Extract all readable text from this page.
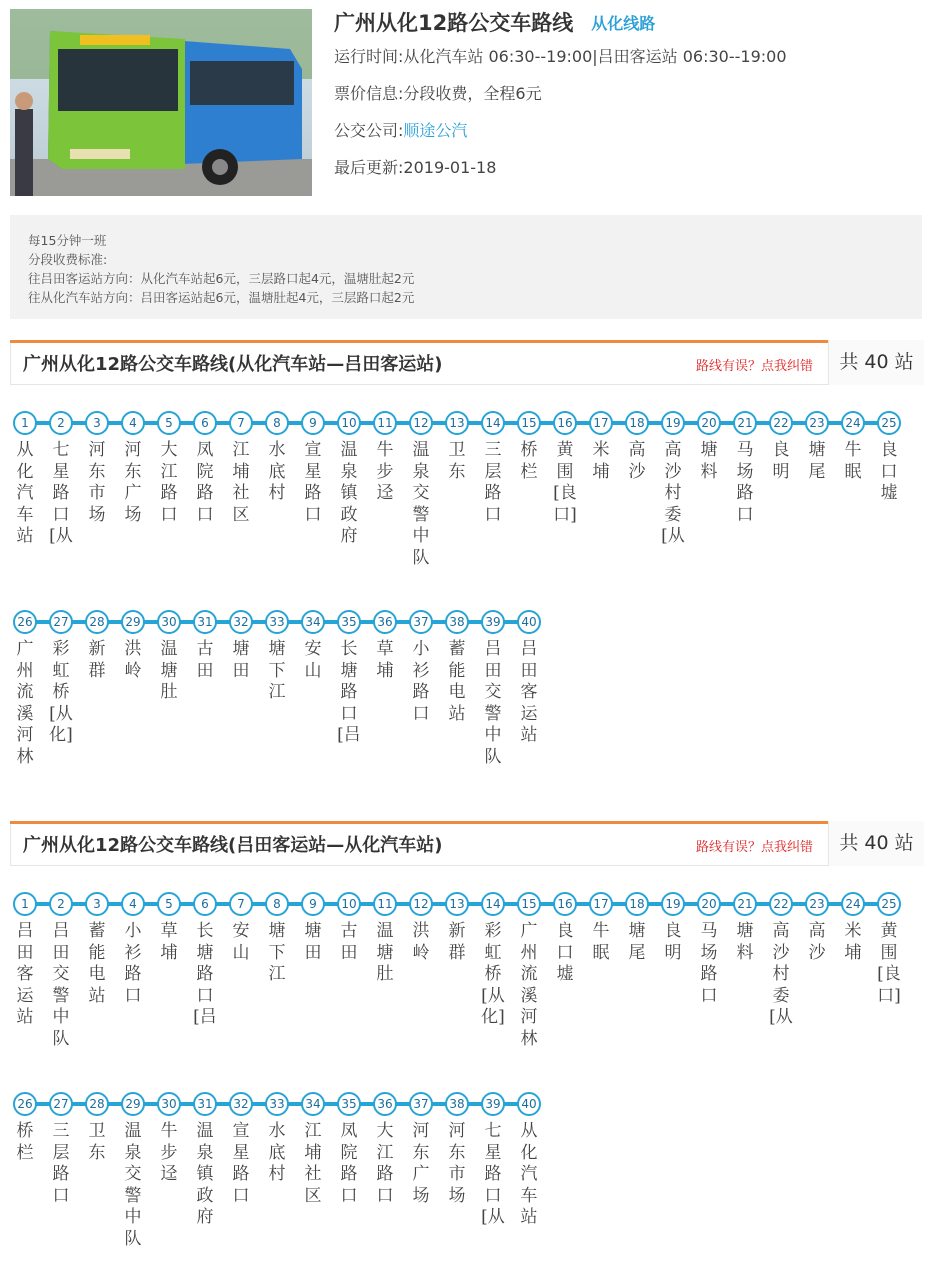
广州从化12路公交车路线 从化线路
运行时间:从化汽车站 06:30--19:00|吕田客运站 06:30--19:00
票价信息:分段收费，全程6元
公交公司:顺途公汽
最后更新:2019-01-18
每15分钟一班
分段收费标准:
往吕田客运站方向：从化汽车站起6元，三层路口起4元，温塘肚起2元
往从化汽车站方向：吕田客运站起6元，温塘肚起4元，三层路口起2元
广州从化12路公交车路线(从化汽车站—吕田客运站)	路线有误？点我纠错	共 40 站
1
从化汽车站
2
七星路口[从
3
河东市场
4
河东广场
5
大江路口
6
凤院路口
7
江埔社区
8
水底村
9
宣星路口
10
温泉镇政府
11
牛步迳
12
温泉交警中队
13
卫东
14
三层路口
15
桥栏
16
黄围[良口]
17
米埔
18
高沙
19
高沙村委[从
20
塘料
21
马场路口
22
良明
23
塘尾
24
牛眠
25
良口墟
26
广州流溪河林
27
彩虹桥[从化]
28
新群
29
洪岭
30
温塘肚
31
古田
32
塘田
33
塘下江
34
安山
35
长塘路口[吕
36
草埔
37
小衫路口
38
蓄能电站
39
吕田交警中队
40
吕田客运站
广州从化12路公交车路线(吕田客运站—从化汽车站)	路线有误？点我纠错	共 40 站
1
吕田客运站
2
吕田交警中队
3
蓄能电站
4
小衫路口
5
草埔
6
长塘路口[吕
7
安山
8
塘下江
9
塘田
10
古田
11
温塘肚
12
洪岭
13
新群
14
彩虹桥[从化]
15
广州流溪河林
16
良口墟
17
牛眠
18
塘尾
19
良明
20
马场路口
21
塘料
22
高沙村委[从
23
高沙
24
米埔
25
黄围[良口]
26
桥栏
27
三层路口
28
卫东
29
温泉交警中队
30
牛步迳
31
温泉镇政府
32
宣星路口
33
水底村
34
江埔社区
35
凤院路口
36
大江路口
37
河东广场
38
河东市场
39
七星路口[从
40
从化汽车站
